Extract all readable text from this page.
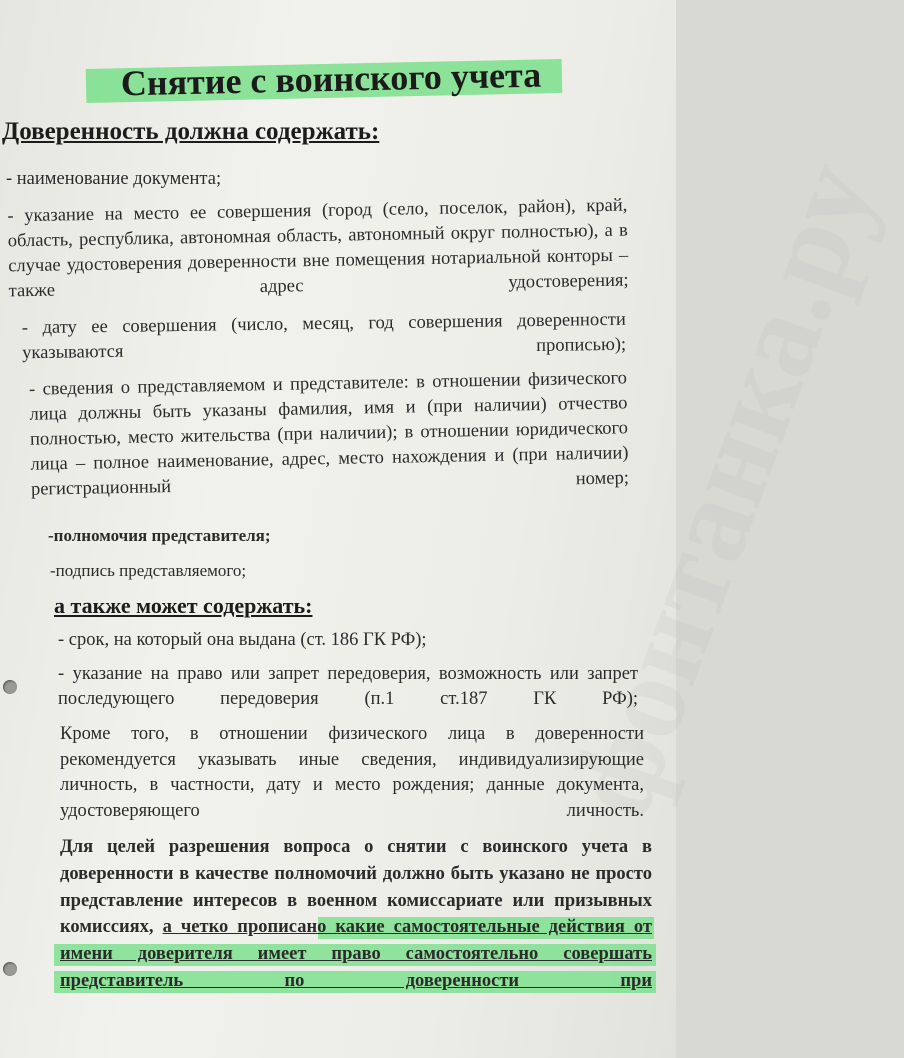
фонтанка.ру
Снятие с воинского учета
Доверенность должна содержать:

- наименование документа;

- указание на место ее совершения (город (село, поселок, район), край, область, республика, автономная область, автономный округ полностью), а в случае удостоверения доверенности вне помещения нотариальной конторы – также адрес удостоверения;

- дату ее совершения (число, месяц, год совершения доверенности указываются прописью);

- сведения о представляемом и представителе: в отношении физического лица должны быть указаны фамилия, имя и (при наличии) отчество полностью, место жительства (при наличии); в отношении юридического лица – полное наименование, адрес, место нахождения и (при наличии) регистрационный номер;

-полномочия представителя;

-подпись представляемого;

а также может содержать:

- срок, на который она выдана (ст. 186 ГК РФ);

- указание на право или запрет передоверия, возможность или запрет последующего передоверия (п.1 ст.187 ГК РФ);

Кроме того, в отношении физического лица в доверенности рекомендуется указывать иные сведения, индивидуализирующие личность, в частности, дату и место рождения; данные документа, удостоверяющего личность.

Для целей разрешения вопроса о снятии с воинского учета в доверенности в качестве полномочий должно быть указано не просто представление интересов в военном комиссариате или призывных комиссиях, а четко прописано какие самостоятельные действия от имени доверителя имеет право самостоятельно совершать представитель по доверенности при
